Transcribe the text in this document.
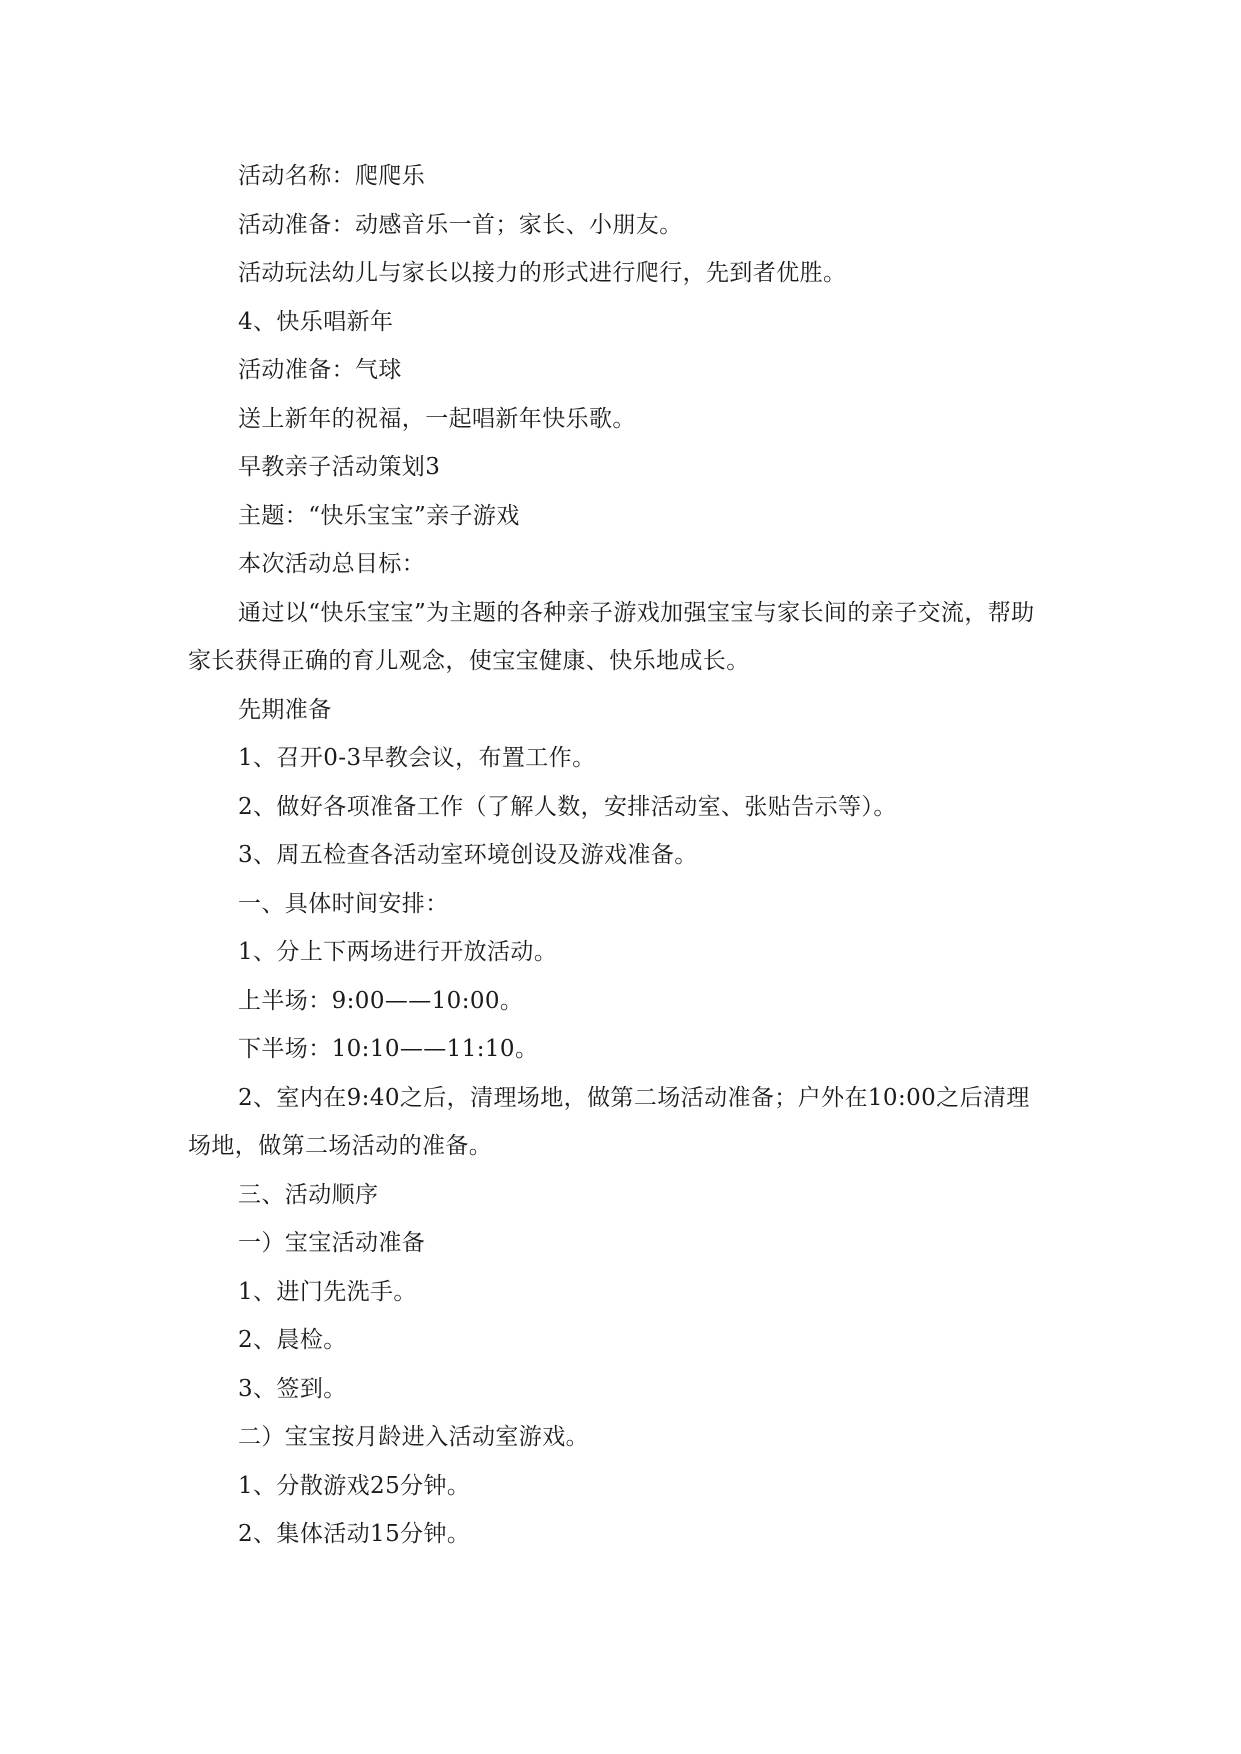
活动名称：爬爬乐

活动准备：动感音乐一首；家长、小朋友。

活动玩法幼儿与家长以接力的形式进行爬行，先到者优胜。

4、快乐唱新年

活动准备：气球

送上新年的祝福，一起唱新年快乐歌。

早教亲子活动策划3

主题：“快乐宝宝”亲子游戏

本次活动总目标：

通过以“快乐宝宝”为主题的各种亲子游戏加强宝宝与家长间的亲子交流，帮助家长获得正确的育儿观念，使宝宝健康、快乐地成长。

先期准备

1、召开0-3早教会议，布置工作。

2、做好各项准备工作（了解人数，安排活动室、张贴告示等）。

3、周五检查各活动室环境创设及游戏准备。

一、具体时间安排：

1、分上下两场进行开放活动。

上半场：9:00——10:00。

下半场：10:10——11:10。

2、室内在9:40之后，清理场地，做第二场活动准备；户外在10:00之后清理场地，做第二场活动的准备。

三、活动顺序

一）宝宝活动准备

1、进门先洗手。

2、晨检。

3、签到。

二）宝宝按月龄进入活动室游戏。

1、分散游戏25分钟。

2、集体活动15分钟。
